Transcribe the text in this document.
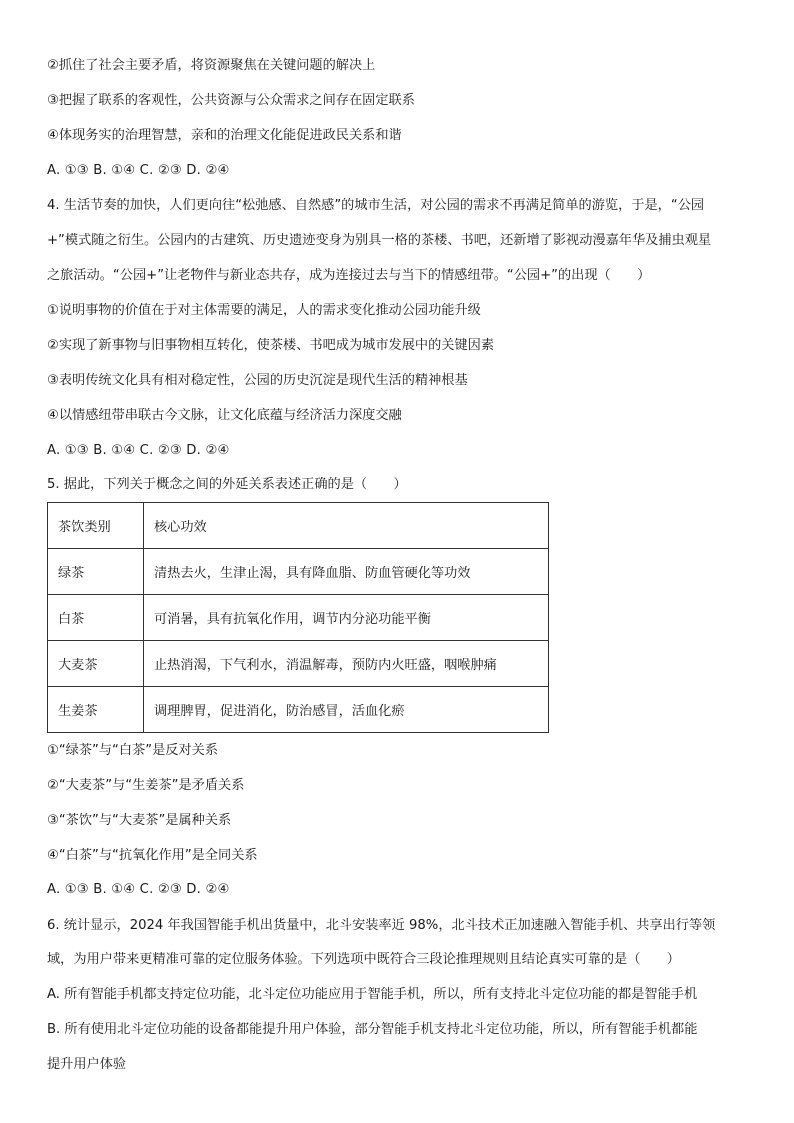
②抓住了社会主要矛盾，将资源聚焦在关键问题的解决上
③把握了联系的客观性，公共资源与公众需求之间存在固定联系
④体现务实的治理智慧，亲和的治理文化能促进政民关系和谐
A. ①③ B. ①④ C. ②③ D. ②④
4. 生活节奏的加快，人们更向往“松弛感、自然感”的城市生活，对公园的需求不再满足简单的游览，于是，“公园
+”模式随之衍生。公园内的古建筑、历史遗迹变身为别具一格的茶楼、书吧，还新增了影视动漫嘉年华及捕虫观星
之旅活动。“公园+”让老物件与新业态共存，成为连接过去与当下的情感纽带。“公园+”的出现（　　）
①说明事物的价值在于对主体需要的满足，人的需求变化推动公园功能升级
②实现了新事物与旧事物相互转化，使茶楼、书吧成为城市发展中的关键因素
③表明传统文化具有相对稳定性，公园的历史沉淀是现代生活的精神根基
④以情感纽带串联古今文脉，让文化底蕴与经济活力深度交融
A. ①③ B. ①④ C. ②③ D. ②④
5. 据此，下列关于概念之间的外延关系表述正确的是（　　）
茶饮类别	核心功效
绿茶	清热去火，生津止渴，具有降血脂、防血管硬化等功效
白茶	可消暑，具有抗氧化作用，调节内分泌功能平衡
大麦茶	止热消渴，下气利水，消温解毒，预防内火旺盛，咽喉肿痛
生姜茶	调理脾胃，促进消化，防治感冒，活血化瘀
①“绿茶”与“白茶”是反对关系
②“大麦茶”与“生姜茶”是矛盾关系
③“茶饮”与“大麦茶”是属种关系
④“白茶”与“抗氧化作用”是全同关系
A. ①③ B. ①④ C. ②③ D. ②④
6. 统计显示，2024 年我国智能手机出货量中，北斗安装率近 98%，北斗技术正加速融入智能手机、共享出行等领
域，为用户带来更精准可靠的定位服务体验。下列选项中既符合三段论推理规则且结论真实可靠的是（　　）
A. 所有智能手机都支持定位功能，北斗定位功能应用于智能手机，所以，所有支持北斗定位功能的都是智能手机
B. 所有使用北斗定位功能的设备都能提升用户体验，部分智能手机支持北斗定位功能，所以，所有智能手机都能
提升用户体验
